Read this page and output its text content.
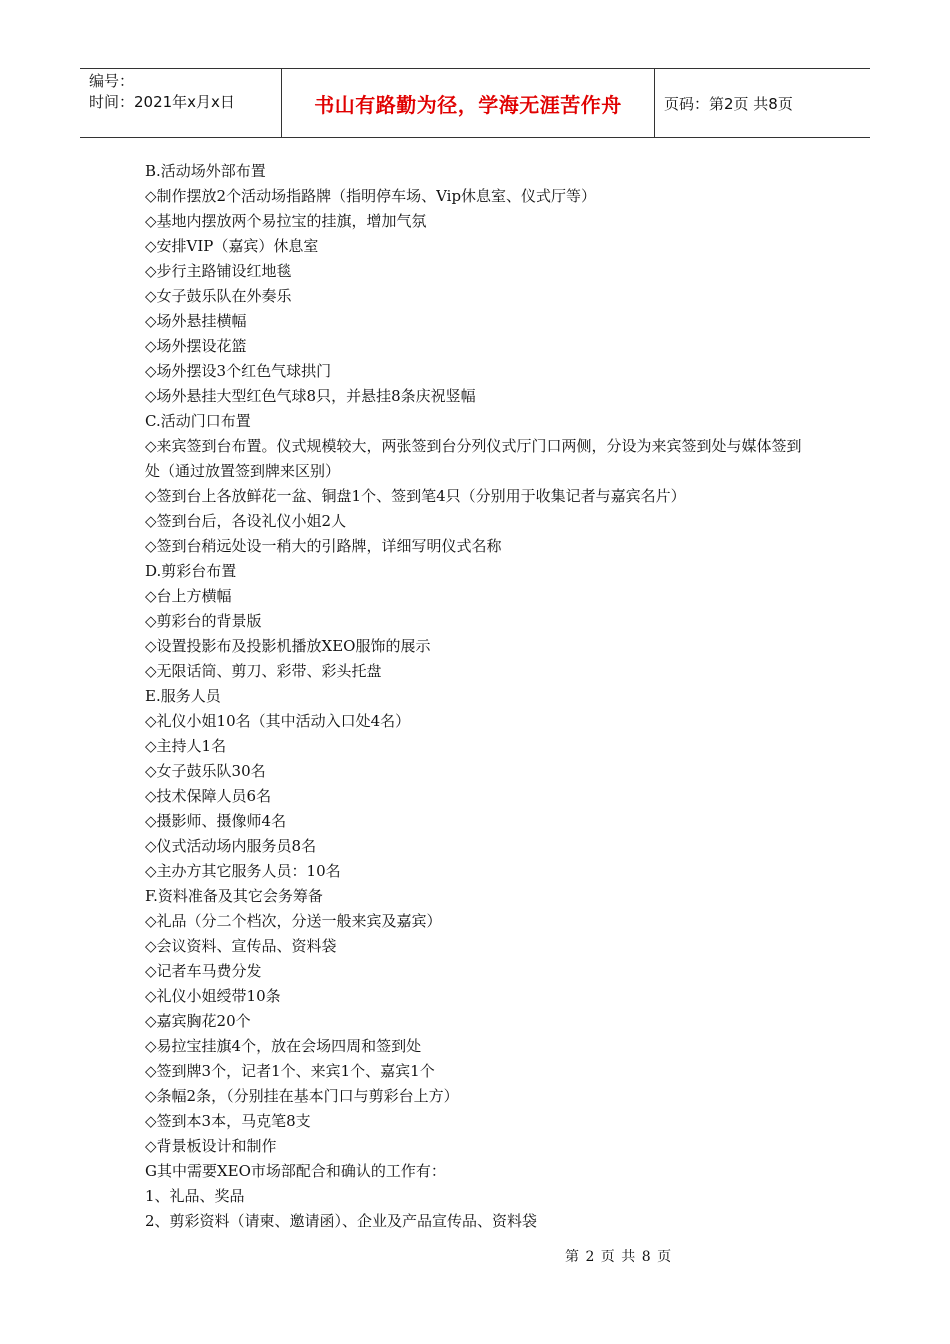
编号：
时间：2021年x月x日	书山有路勤为径，学海无涯苦作舟	页码：第2页 共8页
B.活动场外部布置
◇制作摆放2个活动场指路牌（指明停车场、Vip休息室、仪式厅等）
◇基地内摆放两个易拉宝的挂旗，增加气氛
◇安排VIP（嘉宾）休息室
◇步行主路铺设红地毯
◇女子鼓乐队在外奏乐
◇场外悬挂横幅
◇场外摆设花篮
◇场外摆设3个红色气球拱门
◇场外悬挂大型红色气球8只，并悬挂8条庆祝竖幅
C.活动门口布置
◇来宾签到台布置。仪式规模较大，两张签到台分列仪式厅门口两侧，分设为来宾签到处与媒体签到处（通过放置签到牌来区别）
◇签到台上各放鲜花一盆、铜盘1个、签到笔4只（分别用于收集记者与嘉宾名片）
◇签到台后，各设礼仪小姐2人
◇签到台稍远处设一稍大的引路牌，详细写明仪式名称
D.剪彩台布置
◇台上方横幅
◇剪彩台的背景版
◇设置投影布及投影机播放XEO服饰的展示
◇无限话筒、剪刀、彩带、彩头托盘
E.服务人员
◇礼仪小姐10名（其中活动入口处4名）
◇主持人1名
◇女子鼓乐队30名
◇技术保障人员6名
◇摄影师、摄像师4名
◇仪式活动场内服务员8名
◇主办方其它服务人员：10名
F.资料准备及其它会务筹备
◇礼品（分二个档次，分送一般来宾及嘉宾）
◇会议资料、宣传品、资料袋
◇记者车马费分发
◇礼仪小姐绶带10条
◇嘉宾胸花20个
◇易拉宝挂旗4个，放在会场四周和签到处
◇签到牌3个，记者1个、来宾1个、嘉宾1个
◇条幅2条，（分别挂在基本门口与剪彩台上方）
◇签到本3本，马克笔8支
◇背景板设计和制作
G其中需要XEO市场部配合和确认的工作有：
1、礼品、奖品
2、剪彩资料（请柬、邀请函）、企业及产品宣传品、资料袋
第 2 页 共 8 页
